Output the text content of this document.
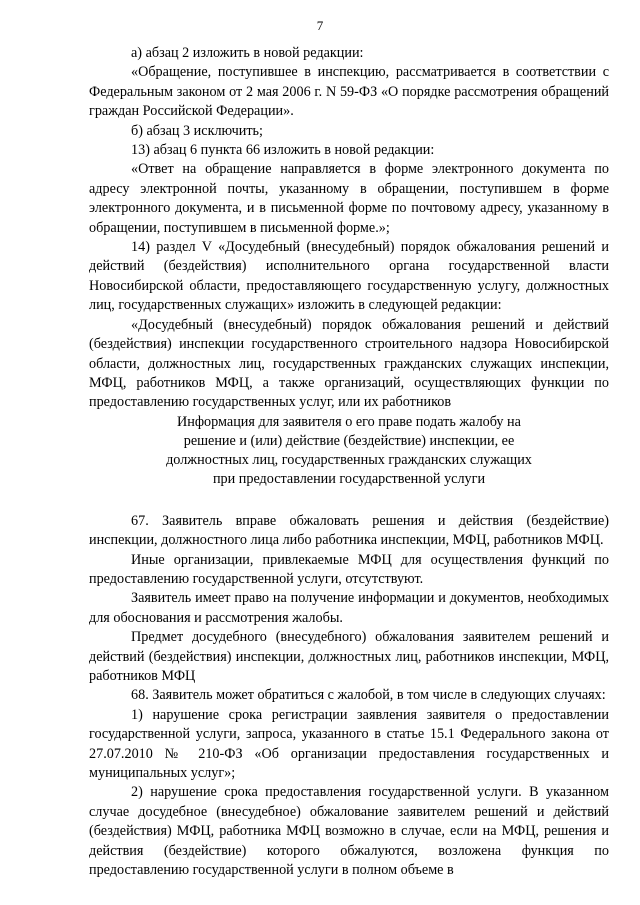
7

а) абзац 2 изложить в новой редакции:

«Обращение, поступившее в инспекцию, рассматривается в соответствии с Федеральным законом от 2 мая 2006 г. N 59-ФЗ «О порядке рассмотрения обращений граждан Российской Федерации».

б) абзац 3 исключить;

13) абзац 6 пункта 66 изложить в новой редакции:

«Ответ на обращение направляется в форме электронного документа по адресу электронной почты, указанному в обращении, поступившем в форме электронного документа, и в письменной форме по почтовому адресу, указанному в обращении, поступившем в письменной форме.»;

14) раздел V «Досудебный (внесудебный) порядок обжалования решений и действий (бездействия) исполнительного органа государственной власти Новосибирской области, предоставляющего государственную услугу, должностных лиц, государственных служащих» изложить в следующей редакции:

«Досудебный (внесудебный) порядок обжалования решений и действий (бездействия) инспекции государственного строительного надзора Новосибирской области, должностных лиц, государственных гражданских служащих инспекции, МФЦ, работников МФЦ, а также организаций, осуществляющих функции по предоставлению государственных услуг, или их работников

Информация для заявителя о его праве подать жалобу на
решение и (или) действие (бездействие) инспекции, ее
должностных лиц, государственных гражданских служащих
при предоставлении государственной услуги

67. Заявитель вправе обжаловать решения и действия (бездействие) инспекции, должностного лица либо работника инспекции, МФЦ, работников МФЦ.

Иные организации, привлекаемые МФЦ для осуществления функций по предоставлению государственной услуги, отсутствуют.

Заявитель имеет право на получение информации и документов, необходимых для обоснования и рассмотрения жалобы.

Предмет досудебного (внесудебного) обжалования заявителем решений и действий (бездействия) инспекции, должностных лиц, работников инспекции, МФЦ, работников МФЦ

68. Заявитель может обратиться с жалобой, в том числе в следующих случаях:

1) нарушение срока регистрации заявления заявителя о предоставлении государственной услуги, запроса, указанного в статье 15.1 Федерального закона от 27.07.2010 № 210-ФЗ «Об организации предоставления государственных и муниципальных услуг»;

2) нарушение срока предоставления государственной услуги. В указанном случае досудебное (внесудебное) обжалование заявителем решений и действий (бездействия) МФЦ, работника МФЦ возможно в случае, если на МФЦ, решения и действия (бездействие) которого обжалуются, возложена функция по предоставлению государственной услуги в полном объеме в
